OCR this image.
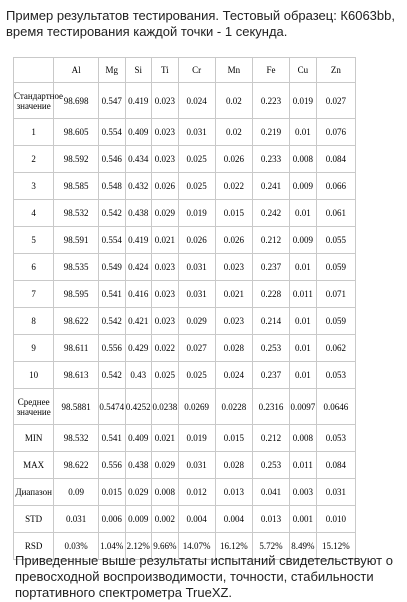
Пример результатов тестирования. Тестовый образец: К6063bb, время тестирования каждой точки - 1 секунда.

	Al	Mg	Si	Ti	Cr	Mn	Fe	Cu	Zn
Стандартное значение	98.698	0.547	0.419	0.023	0.024	0.02	0.223	0.019	0.027
1	98.605	0.554	0.409	0.023	0.031	0.02	0.219	0.01	0.076
2	98.592	0.546	0.434	0.023	0.025	0.026	0.233	0.008	0.084
3	98.585	0.548	0.432	0.026	0.025	0.022	0.241	0.009	0.066
4	98.532	0.542	0.438	0.029	0.019	0.015	0.242	0.01	0.061
5	98.591	0.554	0.419	0.021	0.026	0.026	0.212	0.009	0.055
6	98.535	0.549	0.424	0.023	0.031	0.023	0.237	0.01	0.059
7	98.595	0.541	0.416	0.023	0.031	0.021	0.228	0.011	0.071
8	98.622	0.542	0.421	0.023	0.029	0.023	0.214	0.01	0.059
9	98.611	0.556	0.429	0.022	0.027	0.028	0.253	0.01	0.062
10	98.613	0.542	0.43	0.025	0.025	0.024	0.237	0.01	0.053
Среднее значение	98.5881	0.5474	0.4252	0.0238	0.0269	0.0228	0.2316	0.0097	0.0646
MIN	98.532	0.541	0.409	0.021	0.019	0.015	0.212	0.008	0.053
MAX	98.622	0.556	0.438	0.029	0.031	0.028	0.253	0.011	0.084
Диапазон	0.09	0.015	0.029	0.008	0.012	0.013	0.041	0.003	0.031
STD	0.031	0.006	0.009	0.002	0.004	0.004	0.013	0.001	0.010
RSD	0.03%	1.04%	2.12%	9.66%	14.07%	16.12%	5.72%	8.49%	15.12%

Приведенные выше результаты испытаний свидетельствуют о превосходной воспроизводимости, точности, стабильности портативного спектрометра TrueXZ.
